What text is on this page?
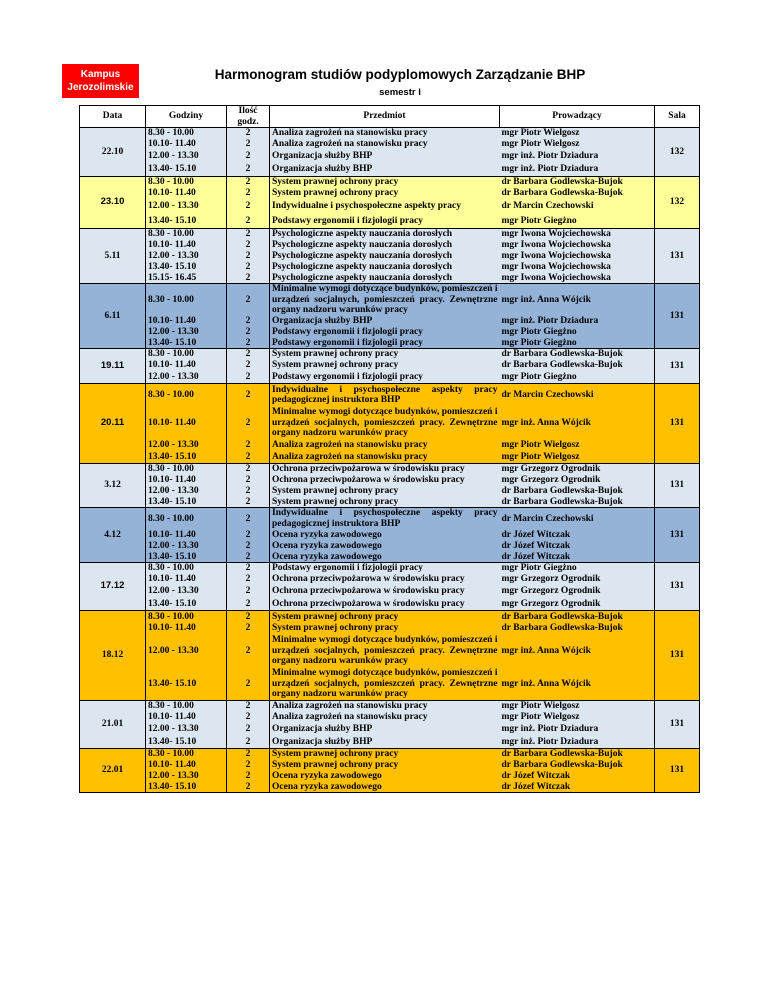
Kampus
Jerozolimskie
Harmonogram studiów podyplomowych Zarządzanie BHP
semestr I
Data	Godziny	Ilość godz.	Przedmiot	Prowadzący	Sala
22.10	8.30 - 10.00	2	Analiza zagrożeń na stanowisku pracy	mgr Piotr Wielgosz	132
	10.10- 11.40	2	Analiza zagrożeń na stanowisku pracy	mgr Piotr Wielgosz	
	12.00 - 13.30	2	Organizacja służby BHP	mgr inż. Piotr Dziadura	
	13.40- 15.10	2	Organizacja służby BHP	mgr inż. Piotr Dziadura	
23.10	8.30 - 10.00	2	System prawnej ochrony pracy	dr Barbara Godlewska-Bujok	132
	10.10- 11.40	2	System prawnej ochrony pracy	dr Barbara Godlewska-Bujok	
	12.00 - 13.30	2	Indywidualne i psychospołeczne aspekty pracy	dr Marcin Czechowski	
	13.40- 15.10	2	Podstawy ergonomii i fizjologii pracy	mgr Piotr Giegżno	
5.11	8.30 - 10.00	2	Psychologiczne aspekty nauczania dorosłych	mgr Iwona Wojciechowska	131
	10.10- 11.40	2	Psychologiczne aspekty nauczania dorosłych	mgr Iwona Wojciechowska	
	12.00 - 13.30	2	Psychologiczne aspekty nauczania dorosłych	mgr Iwona Wojciechowska	
	13.40- 15.10	2	Psychologiczne aspekty nauczania dorosłych	mgr Iwona Wojciechowska	
	15.15- 16.45	2	Psychologiczne aspekty nauczania dorosłych	mgr Iwona Wojciechowska	
6.11	8.30 - 10.00	2	Minimalne wymogi dotyczące budynków, pomieszczeń i urządzeń socjalnych, pomieszczeń pracy. Zewnętrzne organy nadzoru warunków pracy	mgr inż. Anna Wójcik	131
	10.10- 11.40	2	Organizacja służby BHP	mgr inż. Piotr Dziadura	
	12.00 - 13.30	2	Podstawy ergonomii i fizjologii pracy	mgr Piotr Giegżno	
	13.40- 15.10	2	Podstawy ergonomii i fizjologii pracy	mgr Piotr Giegżno	
19.11	8.30 - 10.00	2	System prawnej ochrony pracy	dr Barbara Godlewska-Bujok	131
	10.10- 11.40	2	System prawnej ochrony pracy	dr Barbara Godlewska-Bujok	
	12.00 - 13.30	2	Podstawy ergonomii i fizjologii pracy	mgr Piotr Giegżno	
20.11	8.30 - 10.00	2	Indywidualne i psychospołeczne aspekty pracy pedagogicznej instruktora BHP	dr Marcin Czechowski	131
	10.10- 11.40	2	Minimalne wymogi dotyczące budynków, pomieszczeń i urządzeń socjalnych, pomieszczeń pracy. Zewnętrzne organy nadzoru warunków pracy	mgr inż. Anna Wójcik	
	12.00 - 13.30	2	Analiza zagrożeń na stanowisku pracy	mgr Piotr Wielgosz	
	13.40- 15.10	2	Analiza zagrożeń na stanowisku pracy	mgr Piotr Wielgosz	
3.12	8.30 - 10.00	2	Ochrona przeciwpożarowa w środowisku pracy	mgr Grzegorz Ogrodnik	131
	10.10- 11.40	2	Ochrona przeciwpożarowa w środowisku pracy	mgr Grzegorz Ogrodnik	
	12.00 - 13.30	2	System prawnej ochrony pracy	dr Barbara Godlewska-Bujok	
	13.40- 15.10	2	System prawnej ochrony pracy	dr Barbara Godlewska-Bujok	
4.12	8.30 - 10.00	2	Indywidualne i psychospołeczne aspekty pracy pedagogicznej instruktora BHP	dr Marcin Czechowski	131
	10.10- 11.40	2	Ocena ryzyka zawodowego	dr Józef Witczak	
	12.00 - 13.30	2	Ocena ryzyka zawodowego	dr Józef Witczak	
	13.40- 15.10	2	Ocena ryzyka zawodowego	dr Józef Witczak	
17.12	8.30 - 10.00	2	Podstawy ergonomii i fizjologii pracy	mgr Piotr Giegżno	131
	10.10- 11.40	2	Ochrona przeciwpożarowa w środowisku pracy	mgr Grzegorz Ogrodnik	
	12.00 - 13.30	2	Ochrona przeciwpożarowa w środowisku pracy	mgr Grzegorz Ogrodnik	
	13.40- 15.10	2	Ochrona przeciwpożarowa w środowisku pracy	mgr Grzegorz Ogrodnik	
18.12	8.30 - 10.00	2	System prawnej ochrony pracy	dr Barbara Godlewska-Bujok	131
	10.10- 11.40	2	System prawnej ochrony pracy	dr Barbara Godlewska-Bujok	
	12.00 - 13.30	2	Minimalne wymogi dotyczące budynków, pomieszczeń i urządzeń socjalnych, pomieszczeń pracy. Zewnętrzne organy nadzoru warunków pracy	mgr inż. Anna Wójcik	
	13.40- 15.10	2	Minimalne wymogi dotyczące budynków, pomieszczeń i urządzeń socjalnych, pomieszczeń pracy. Zewnętrzne organy nadzoru warunków pracy	mgr inż. Anna Wójcik	
21.01	8.30 - 10.00	2	Analiza zagrożeń na stanowisku pracy	mgr Piotr Wielgosz	131
	10.10- 11.40	2	Analiza zagrożeń na stanowisku pracy	mgr Piotr Wielgosz	
	12.00 - 13.30	2	Organizacja służby BHP	mgr inż. Piotr Dziadura	
	13.40- 15.10	2	Organizacja służby BHP	mgr inż. Piotr Dziadura	
22.01	8.30 - 10.00	2	System prawnej ochrony pracy	dr Barbara Godlewska-Bujok	131
	10.10- 11.40	2	System prawnej ochrony pracy	dr Barbara Godlewska-Bujok	
	12.00 - 13.30	2	Ocena ryzyka zawodowego	dr Józef Witczak	
	13.40- 15.10	2	Ocena ryzyka zawodowego	dr Józef Witczak	
